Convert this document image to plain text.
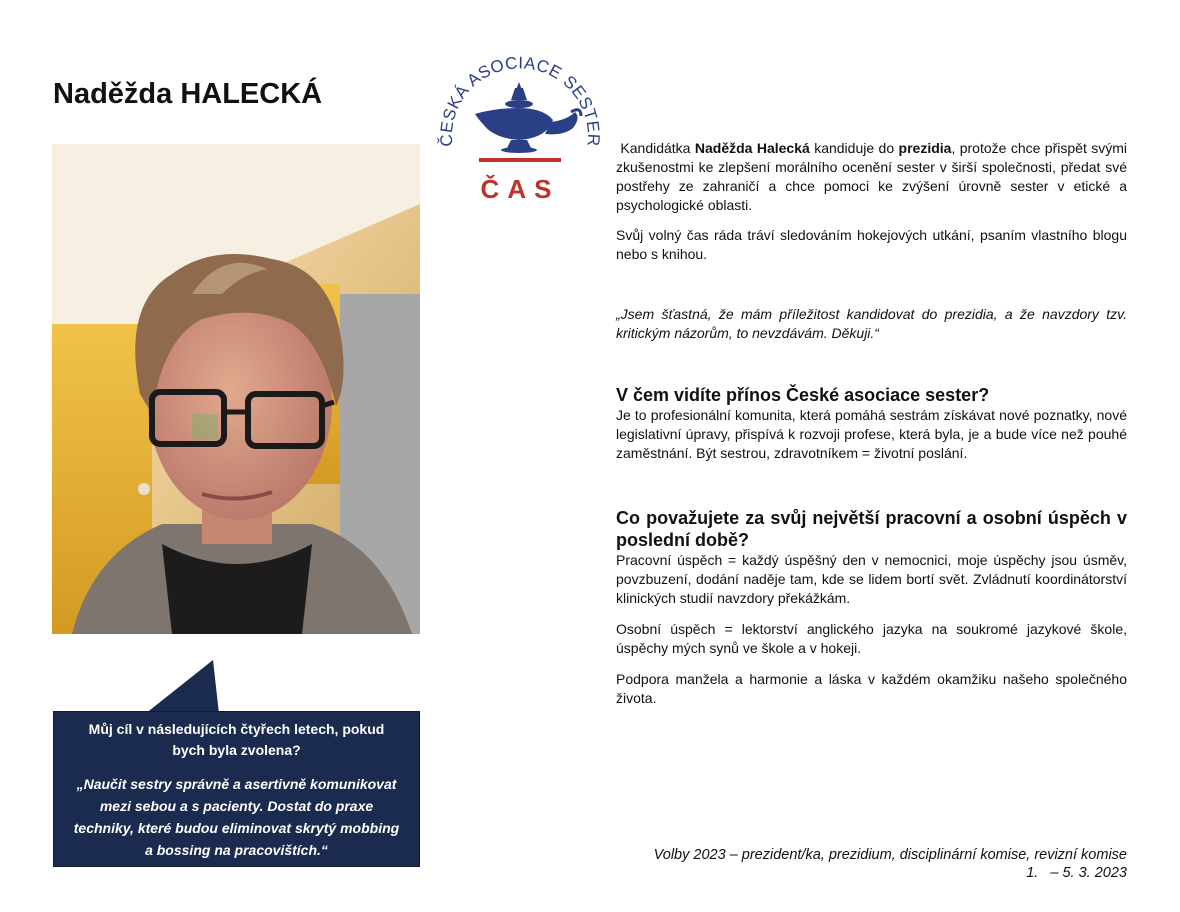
Naděžda HALECKÁ
ČESKÁ ASOCIACE SESTER
ČAS
Můj cíl v následujících čtyřech letech, pokud bych byla zvolena?
„Naučit sestry správně a asertivně komunikovat mezi sebou a s pacienty. Dostat do praxe techniky, které budou eliminovat skrytý mobbing a bossing na pracovištích.“

Kandidátka Naděžda Halecká kandiduje do prezidia, protože chce přispět svými zkušenostmi ke zlepšení morálního ocenění sester v širší společnosti, předat své postřehy ze zahraničí a chce pomoci ke zvýšení úrovně sester v etické a psychologické oblasti.

Svůj volný čas ráda tráví sledováním hokejových utkání, psaním vlastního blogu nebo s knihou.

„Jsem šťastná, že mám příležitost kandidovat do prezidia, a že navzdory tzv. kritickým názorům, to nevzdávám. Děkuji.“

V čem vidíte přínos České asociace sester?

Je to profesionální komunita, která pomáhá sestrám získávat nové poznatky, nové legislativní úpravy, přispívá k rozvoji profese, která byla, je a bude více než pouhé zaměstnání. Být sestrou, zdravotníkem = životní poslání.

Co považujete za svůj největší pracovní a osobní úspěch v poslední době?

Pracovní úspěch = každý úspěšný den v nemocnici, moje úspěchy jsou úsměv, povzbuzení, dodání naděje tam, kde se lidem bortí svět. Zvládnutí koordinátorství klinických studií navzdory překážkám.

Osobní úspěch = lektorství anglického jazyka na soukromé jazykové škole, úspěchy mých synů ve škole a v hokeji.

Podpora manžela a harmonie a láska v každém okamžiku našeho společného života.

Volby 2023 – prezident/ka, prezidium, disciplinární komise, revizní komise
1.   – 5. 3. 2023
